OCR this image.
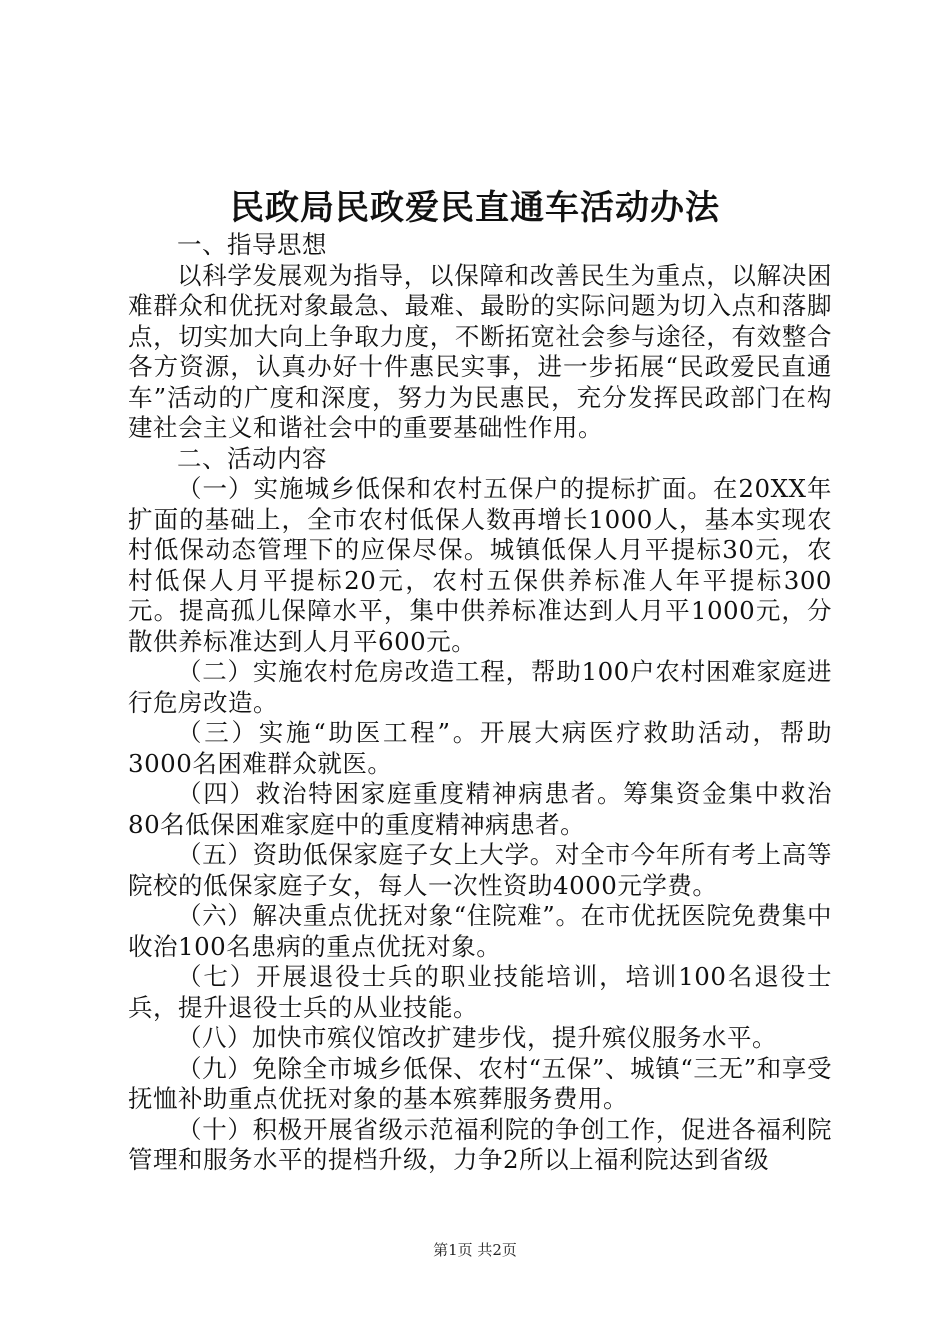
民政局民政爱民直通车活动办法

一、指导思想

以科学发展观为指导，以保障和改善民生为重点，以解决困难群众和优抚对象最急、最难、最盼的实际问题为切入点和落脚点，切实加大向上争取力度，不断拓宽社会参与途径，有效整合各方资源，认真办好十件惠民实事，进一步拓展“民政爱民直通车”活动的广度和深度，努力为民惠民，充分发挥民政部门在构建社会主义和谐社会中的重要基础性作用。

二、活动内容

（一）实施城乡低保和农村五保户的提标扩面。在20XX年扩面的基础上，全市农村低保人数再增长1000人，基本实现农村低保动态管理下的应保尽保。城镇低保人月平提标30元，农村低保人月平提标20元，农村五保供养标准人年平提标300元。提高孤儿保障水平，集中供养标准达到人月平1000元，分散供养标准达到人月平600元。

（二）实施农村危房改造工程，帮助100户农村困难家庭进行危房改造。

（三）实施“助医工程”。开展大病医疗救助活动，帮助3000名困难群众就医。

（四）救治特困家庭重度精神病患者。筹集资金集中救治80名低保困难家庭中的重度精神病患者。

（五）资助低保家庭子女上大学。对全市今年所有考上高等院校的低保家庭子女，每人一次性资助4000元学费。

（六）解决重点优抚对象“住院难”。在市优抚医院免费集中收治100名患病的重点优抚对象。

（七）开展退役士兵的职业技能培训，培训100名退役士兵，提升退役士兵的从业技能。

（八）加快市殡仪馆改扩建步伐，提升殡仪服务水平。

（九）免除全市城乡低保、农村“五保”、城镇“三无”和享受抚恤补助重点优抚对象的基本殡葬服务费用。

（十）积极开展省级示范福利院的争创工作，促进各福利院管理和服务水平的提档升级，力争2所以上福利院达到省级

第1页 共2页
